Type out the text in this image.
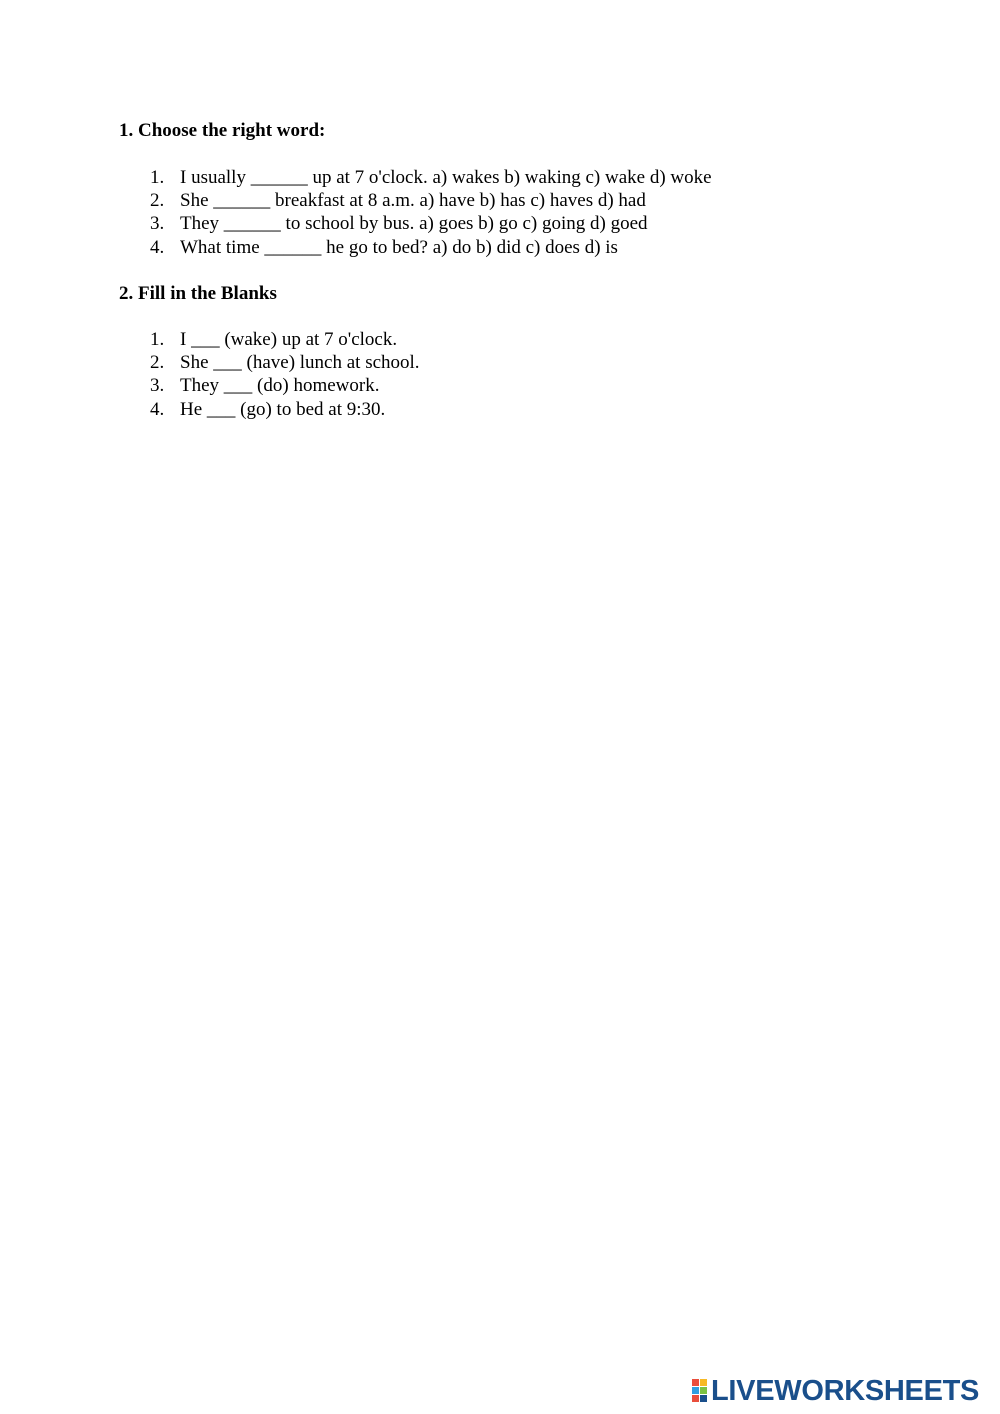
1. Choose the right word:
1. I usually ______ up at 7 o'clock. a) wakes b) waking c) wake d) woke
2. She ______ breakfast at 8 a.m. a) have b) has c) haves d) had
3. They ______ to school by bus. a) goes b) go c) going d) goed
4. What time ______ he go to bed? a) do b) did c) does d) is
2. Fill in the Blanks
1. I ___ (wake) up at 7 o'clock.
2. She ___ (have) lunch at school.
3. They ___ (do) homework.
4. He ___ (go) to bed at 9:30.
LIVEWORKSHEETS
